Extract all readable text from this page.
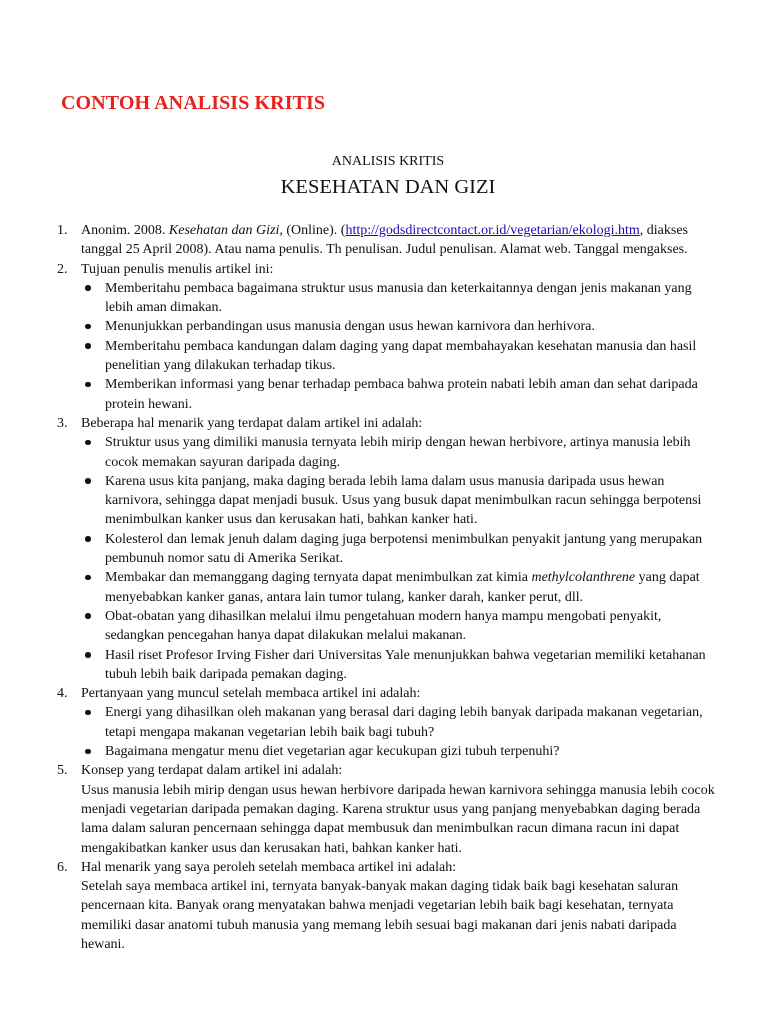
CONTOH ANALISIS KRITIS

ANALISIS KRITIS

KESEHATAN DAN GIZI
1. Anonim. 2008. Kesehatan dan Gizi, (Online). (http://godsdirectcontact.or.id/vegetarian/ekologi.htm, diakses tanggal 25 April 2008). Atau nama penulis. Th penulisan. Judul penulisan. Alamat web. Tanggal mengakses.
2. Tujuan penulis menulis artikel ini:
Memberitahu pembaca bagaimana struktur usus manusia dan keterkaitannya dengan jenis makanan yang lebih aman dimakan.
Menunjukkan perbandingan usus manusia dengan usus hewan karnivora dan herhivora.
Memberitahu pembaca kandungan dalam daging yang dapat membahayakan kesehatan manusia dan hasil penelitian yang dilakukan terhadap tikus.
Memberikan informasi yang benar terhadap pembaca bahwa protein nabati lebih aman dan sehat daripada protein hewani.
3. Beberapa hal menarik yang terdapat dalam artikel ini adalah:
Struktur usus yang dimiliki manusia ternyata lebih mirip dengan hewan herbivore, artinya manusia lebih cocok memakan sayuran daripada daging.
Karena usus kita panjang, maka daging berada lebih lama dalam usus manusia daripada usus hewan karnivora, sehingga dapat menjadi busuk. Usus yang busuk dapat menimbulkan racun sehingga berpotensi menimbulkan kanker usus dan kerusakan hati, bahkan kanker hati.
Kolesterol dan lemak jenuh dalam daging juga berpotensi menimbulkan penyakit jantung yang merupakan pembunuh nomor satu di Amerika Serikat.
Membakar dan memanggang daging ternyata dapat menimbulkan zat kimia methylcolanthrene yang dapat menyebabkan kanker ganas, antara lain tumor tulang, kanker darah, kanker perut, dll.
Obat-obatan yang dihasilkan melalui ilmu pengetahuan modern hanya mampu mengobati penyakit, sedangkan pencegahan hanya dapat dilakukan melalui makanan.
Hasil riset Profesor Irving Fisher dari Universitas Yale menunjukkan bahwa vegetarian memiliki ketahanan tubuh lebih baik daripada pemakan daging.
4. Pertanyaan yang muncul setelah membaca artikel ini adalah:
Energi yang dihasilkan oleh makanan yang berasal dari daging lebih banyak daripada makanan vegetarian, tetapi mengapa makanan vegetarian lebih baik bagi tubuh?
Bagaimana mengatur menu diet vegetarian agar kecukupan gizi tubuh terpenuhi?
5. Konsep yang terdapat dalam artikel ini adalah:
Usus manusia lebih mirip dengan usus hewan herbivore daripada hewan karnivora sehingga manusia lebih cocok menjadi vegetarian daripada pemakan daging. Karena struktur usus yang panjang menyebabkan daging berada lama dalam saluran pencernaan sehingga dapat membusuk dan menimbulkan racun dimana racun ini dapat mengakibatkan kanker usus dan kerusakan hati, bahkan kanker hati.
6. Hal menarik yang saya peroleh setelah membaca artikel ini adalah:
Setelah saya membaca artikel ini, ternyata banyak-banyak makan daging tidak baik bagi kesehatan saluran pencernaan kita. Banyak orang menyatakan bahwa menjadi vegetarian lebih baik bagi kesehatan, ternyata memiliki dasar anatomi tubuh manusia yang memang lebih sesuai bagi makanan dari jenis nabati daripada hewani.
